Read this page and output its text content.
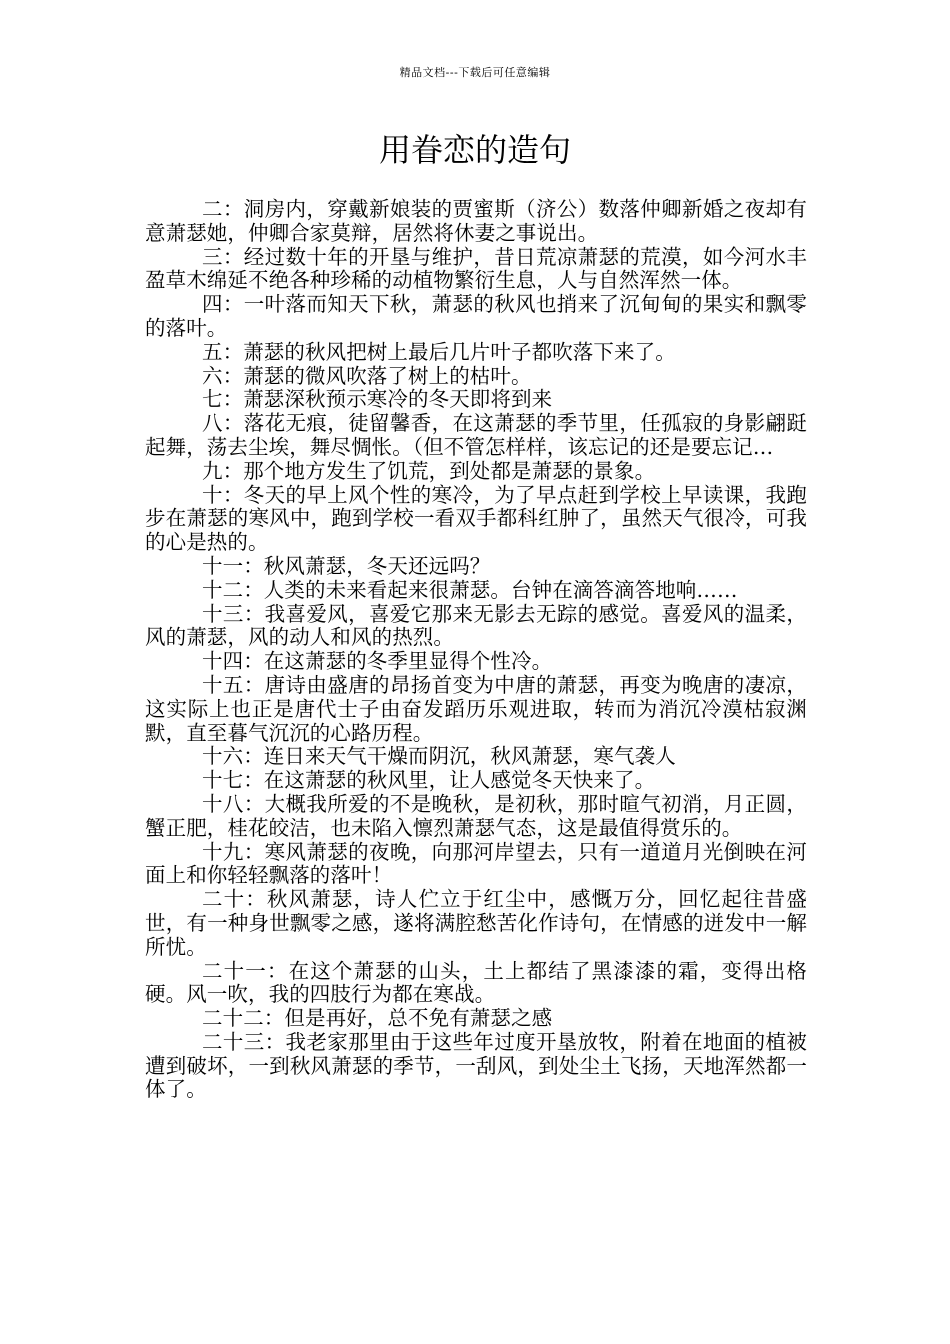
精品文档---下载后可任意编辑
用眷恋的造句

二：洞房内，穿戴新娘装的贾蜜斯（济公）数落仲卿新婚之夜却有意萧瑟她，仲卿合家莫辩，居然将休妻之事说出。

三：经过数十年的开垦与维护，昔日荒凉萧瑟的荒漠，如今河水丰盈草木绵延不绝各种珍稀的动植物繁衍生息，人与自然浑然一体。

四：一叶落而知天下秋，萧瑟的秋风也捎来了沉甸甸的果实和飘零的落叶。

五：萧瑟的秋风把树上最后几片叶子都吹落下来了。

六：萧瑟的微风吹落了树上的枯叶。

七：萧瑟深秋预示寒冷的冬天即将到来

八：落花无痕，徒留馨香，在这萧瑟的季节里，任孤寂的身影翩跹起舞，荡去尘埃，舞尽惆怅。（但不管怎样样，该忘记的还是要忘记…

九：那个地方发生了饥荒，到处都是萧瑟的景象。

十：冬天的早上风个性的寒冷，为了早点赶到学校上早读课，我跑步在萧瑟的寒风中，跑到学校一看双手都科红肿了，虽然天气很冷，可我的心是热的。

十一：秋风萧瑟，冬天还远吗？

十二：人类的未来看起来很萧瑟。台钟在滴答滴答地响……

十三：我喜爱风，喜爱它那来无影去无踪的感觉。喜爱风的温柔，风的萧瑟，风的动人和风的热烈。

十四：在这萧瑟的冬季里显得个性冷。

十五：唐诗由盛唐的昂扬首变为中唐的萧瑟，再变为晚唐的凄凉，这实际上也正是唐代士子由奋发蹈历乐观进取，转而为消沉冷漠枯寂渊默，直至暮气沉沉的心路历程。

十六：连日来天气干燥而阴沉，秋风萧瑟，寒气袭人

十七：在这萧瑟的秋风里，让人感觉冬天快来了。

十八：大概我所爱的不是晚秋，是初秋，那时暄气初消，月正圆，蟹正肥，桂花皎洁，也未陷入懔烈萧瑟气态，这是最值得赏乐的。

十九：寒风萧瑟的夜晚，向那河岸望去，只有一道道月光倒映在河面上和你轻轻飘落的落叶！

二十：秋风萧瑟，诗人伫立于红尘中，感慨万分，回忆起往昔盛世，有一种身世飘零之感，遂将满腔愁苦化作诗句，在情感的迸发中一解所忧。

二十一：在这个萧瑟的山头，土上都结了黑漆漆的霜，变得出格硬。风一吹，我的四肢行为都在寒战。

二十二：但是再好，总不免有萧瑟之感

二十三：我老家那里由于这些年过度开垦放牧，附着在地面的植被遭到破坏，一到秋风萧瑟的季节，一刮风，到处尘土飞扬，天地浑然都一体了。
